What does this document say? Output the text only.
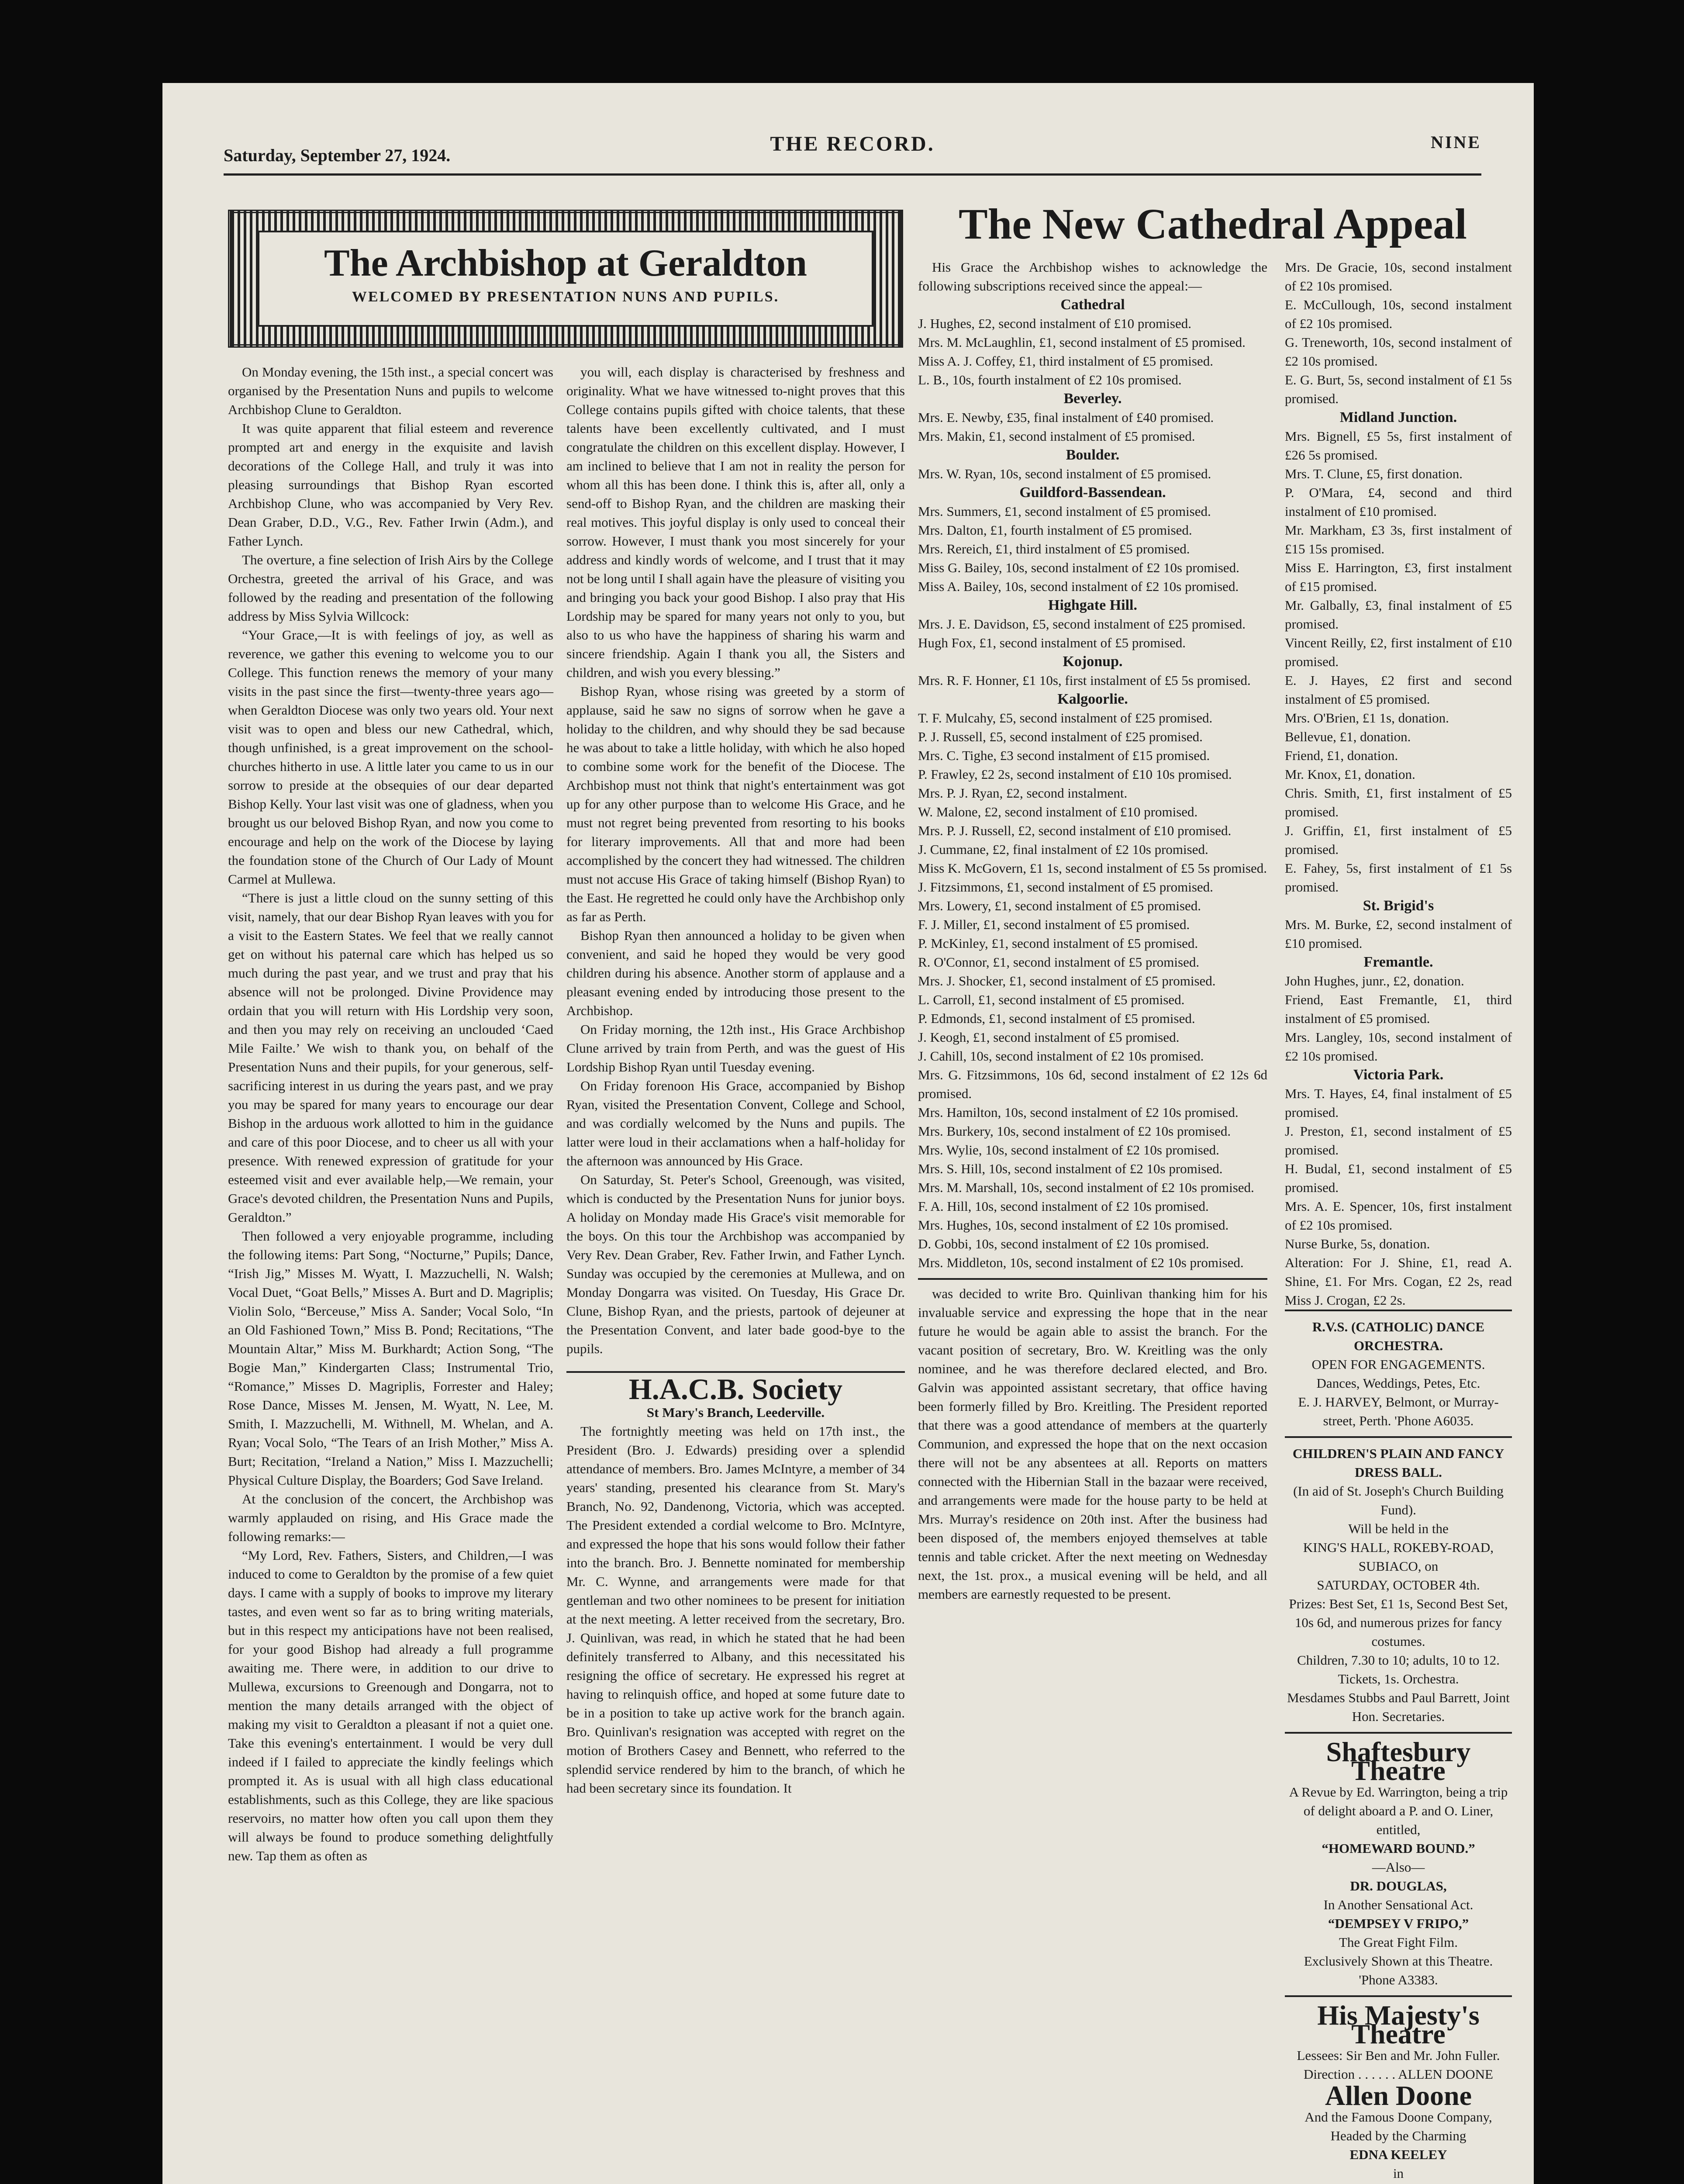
Saturday, September 27, 1924.	THE RECORD.	NINE
The Archbishop at Geraldton
WELCOMED BY PRESENTATION NUNS AND PUPILS.
The New Cathedral Appeal

On Monday evening, the 15th inst., a special concert was organised by the Presentation Nuns and pupils to welcome Archbishop Clune to Geraldton.

It was quite apparent that filial esteem and reverence prompted art and energy in the exquisite and lavish decorations of the College Hall, and truly it was into pleasing surroundings that Bishop Ryan escorted Archbishop Clune, who was accompanied by Very Rev. Dean Graber, D.D., V.G., Rev. Father Irwin (Adm.), and Father Lynch.

The overture, a fine selection of Irish Airs by the College Orchestra, greeted the arrival of his Grace, and was followed by the reading and presentation of the following address by Miss Sylvia Willcock:

“Your Grace,—It is with feelings of joy, as well as reverence, we gather this evening to welcome you to our College. This function renews the memory of your many visits in the past since the first—twenty-three years ago—when Geraldton Diocese was only two years old. Your next visit was to open and bless our new Cathedral, which, though unfinished, is a great improvement on the school-churches hitherto in use. A little later you came to us in our sorrow to preside at the obsequies of our dear departed Bishop Kelly. Your last visit was one of gladness, when you brought us our beloved Bishop Ryan, and now you come to encourage and help on the work of the Diocese by laying the foundation stone of the Church of Our Lady of Mount Carmel at Mullewa.

“There is just a little cloud on the sunny setting of this visit, namely, that our dear Bishop Ryan leaves with you for a visit to the Eastern States. We feel that we really cannot get on without his paternal care which has helped us so much during the past year, and we trust and pray that his absence will not be prolonged. Divine Providence may ordain that you will return with His Lordship very soon, and then you may rely on receiving an unclouded ‘Caed Mile Failte.’ We wish to thank you, on behalf of the Presentation Nuns and their pupils, for your generous, self-sacrificing interest in us during the years past, and we pray you may be spared for many years to encourage our dear Bishop in the arduous work allotted to him in the guidance and care of this poor Diocese, and to cheer us all with your presence. With renewed expression of gratitude for your esteemed visit and ever available help,—We remain, your Grace's devoted children, the Presentation Nuns and Pupils, Geraldton.”

Then followed a very enjoyable programme, including the following items: Part Song, “Nocturne,” Pupils; Dance, “Irish Jig,” Misses M. Wyatt, I. Mazzuchelli, N. Walsh; Vocal Duet, “Goat Bells,” Misses A. Burt and D. Magriplis; Violin Solo, “Berceuse,” Miss A. Sander; Vocal Solo, “In an Old Fashioned Town,” Miss B. Pond; Recitations, “The Mountain Altar,” Miss M. Burkhardt; Action Song, “The Bogie Man,” Kindergarten Class; Instrumental Trio, “Romance,” Misses D. Magriplis, Forrester and Haley; Rose Dance, Misses M. Jensen, M. Wyatt, N. Lee, M. Smith, I. Mazzuchelli, M. Withnell, M. Whelan, and A. Ryan; Vocal Solo, “The Tears of an Irish Mother,” Miss A. Burt; Recitation, “Ireland a Nation,” Miss I. Mazzuchelli; Physical Culture Display, the Boarders; God Save Ireland.

At the conclusion of the concert, the Archbishop was warmly applauded on rising, and His Grace made the following remarks:—

“My Lord, Rev. Fathers, Sisters, and Children,—I was induced to come to Geraldton by the promise of a few quiet days. I came with a supply of books to improve my literary tastes, and even went so far as to bring writing materials, but in this respect my anticipations have not been realised, for your good Bishop had already a full programme awaiting me. There were, in addition to our drive to Mullewa, excursions to Greenough and Dongarra, not to mention the many details arranged with the object of making my visit to Geraldton a pleasant if not a quiet one. Take this evening's entertainment. I would be very dull indeed if I failed to appreciate the kindly feelings which prompted it. As is usual with all high class educational establishments, such as this College, they are like spacious reservoirs, no matter how often you call upon them they will always be found to produce something delightfully new. Tap them as often as

you will, each display is characterised by freshness and originality. What we have witnessed to-night proves that this College contains pupils gifted with choice talents, that these talents have been excellently cultivated, and I must congratulate the children on this excellent display. However, I am inclined to believe that I am not in reality the person for whom all this has been done. I think this is, after all, only a send-off to Bishop Ryan, and the children are masking their real motives. This joyful display is only used to conceal their sorrow. However, I must thank you most sincerely for your address and kindly words of welcome, and I trust that it may not be long until I shall again have the pleasure of visiting you and bringing you back your good Bishop. I also pray that His Lordship may be spared for many years not only to you, but also to us who have the happiness of sharing his warm and sincere friendship. Again I thank you all, the Sisters and children, and wish you every blessing.”

Bishop Ryan, whose rising was greeted by a storm of applause, said he saw no signs of sorrow when he gave a holiday to the children, and why should they be sad because he was about to take a little holiday, with which he also hoped to combine some work for the benefit of the Diocese. The Archbishop must not think that night's entertainment was got up for any other purpose than to welcome His Grace, and he must not regret being prevented from resorting to his books for literary improvements. All that and more had been accomplished by the concert they had witnessed. The children must not accuse His Grace of taking himself (Bishop Ryan) to the East. He regretted he could only have the Archbishop only as far as Perth.

Bishop Ryan then announced a holiday to be given when convenient, and said he hoped they would be very good children during his absence. Another storm of applause and a pleasant evening ended by introducing those present to the Archbishop.

On Friday morning, the 12th inst., His Grace Archbishop Clune arrived by train from Perth, and was the guest of His Lordship Bishop Ryan until Tuesday evening.

On Friday forenoon His Grace, accompanied by Bishop Ryan, visited the Presentation Convent, College and School, and was cordially welcomed by the Nuns and pupils. The latter were loud in their acclamations when a half-holiday for the afternoon was announced by His Grace.

On Saturday, St. Peter's School, Greenough, was visited, which is conducted by the Presentation Nuns for junior boys. A holiday on Monday made His Grace's visit memorable for the boys. On this tour the Archbishop was accompanied by Very Rev. Dean Graber, Rev. Father Irwin, and Father Lynch. Sunday was occupied by the ceremonies at Mullewa, and on Monday Dongarra was visited. On Tuesday, His Grace Dr. Clune, Bishop Ryan, and the priests, partook of dejeuner at the Presentation Convent, and later bade good-bye to the pupils.

H.A.C.B. Society

St Mary's Branch, Leederville.

The fortnightly meeting was held on 17th inst., the President (Bro. J. Edwards) presiding over a splendid attendance of members. Bro. James McIntyre, a member of 34 years' standing, presented his clearance from St. Mary's Branch, No. 92, Dandenong, Victoria, which was accepted. The President extended a cordial welcome to Bro. McIntyre, and expressed the hope that his sons would follow their father into the branch. Bro. J. Bennette nominated for membership Mr. C. Wynne, and arrangements were made for that gentleman and two other nominees to be present for initiation at the next meeting. A letter received from the secretary, Bro. J. Quinlivan, was read, in which he stated that he had been definitely transferred to Albany, and this necessitated his resigning the office of secretary. He expressed his regret at having to relinquish office, and hoped at some future date to be in a position to take up active work for the branch again. Bro. Quinlivan's resignation was accepted with regret on the motion of Brothers Casey and Bennett, who referred to the splendid service rendered by him to the branch, of which he had been secretary since its foundation. It

His Grace the Archbishop wishes to acknowledge the following subscriptions received since the appeal:—

Cathedral

J. Hughes, £2, second instalment of £10 promised.

Mrs. M. McLaughlin, £1, second instalment of £5 promised.

Miss A. J. Coffey, £1, third instalment of £5 promised.

L. B., 10s, fourth instalment of £2 10s promised.

Beverley.

Mrs. E. Newby, £35, final instalment of £40 promised.

Mrs. Makin, £1, second instalment of £5 promised.

Boulder.

Mrs. W. Ryan, 10s, second instalment of £5 promised.

Guildford-Bassendean.

Mrs. Summers, £1, second instalment of £5 promised.

Mrs. Dalton, £1, fourth instalment of £5 promised.

Mrs. Rereich, £1, third instalment of £5 promised.

Miss G. Bailey, 10s, second instalment of £2 10s promised.

Miss A. Bailey, 10s, second instalment of £2 10s promised.

Highgate Hill.

Mrs. J. E. Davidson, £5, second instalment of £25 promised.

Hugh Fox, £1, second instalment of £5 promised.

Kojonup.

Mrs. R. F. Honner, £1 10s, first instalment of £5 5s promised.

Kalgoorlie.

T. F. Mulcahy, £5, second instalment of £25 promised.

P. J. Russell, £5, second instalment of £25 promised.

Mrs. C. Tighe, £3 second instalment of £15 promised.

P. Frawley, £2 2s, second instalment of £10 10s promised.

Mrs. P. J. Ryan, £2, second instalment.

W. Malone, £2, second instalment of £10 promised.

Mrs. P. J. Russell, £2, second instalment of £10 promised.

J. Cummane, £2, final instalment of £2 10s promised.

Miss K. McGovern, £1 1s, second instalment of £5 5s promised.

J. Fitzsimmons, £1, second instalment of £5 promised.

Mrs. Lowery, £1, second instalment of £5 promised.

F. J. Miller, £1, second instalment of £5 promised.

P. McKinley, £1, second instalment of £5 promised.

R. O'Connor, £1, second instalment of £5 promised.

Mrs. J. Shocker, £1, second instalment of £5 promised.

L. Carroll, £1, second instalment of £5 promised.

P. Edmonds, £1, second instalment of £5 promised.

J. Keogh, £1, second instalment of £5 promised.

J. Cahill, 10s, second instalment of £2 10s promised.

Mrs. G. Fitzsimmons, 10s 6d, second instalment of £2 12s 6d promised.

Mrs. Hamilton, 10s, second instalment of £2 10s promised.

Mrs. Burkery, 10s, second instalment of £2 10s promised.

Mrs. Wylie, 10s, second instalment of £2 10s promised.

Mrs. S. Hill, 10s, second instalment of £2 10s promised.

Mrs. M. Marshall, 10s, second instalment of £2 10s promised.

F. A. Hill, 10s, second instalment of £2 10s promised.

Mrs. Hughes, 10s, second instalment of £2 10s promised.

D. Gobbi, 10s, second instalment of £2 10s promised.

Mrs. Middleton, 10s, second instalment of £2 10s promised.

was decided to write Bro. Quinlivan thanking him for his invaluable service and expressing the hope that in the near future he would be again able to assist the branch. For the vacant position of secretary, Bro. W. Kreitling was the only nominee, and he was therefore declared elected, and Bro. Galvin was appointed assistant secretary, that office having been formerly filled by Bro. Kreitling. The President reported that there was a good attendance of members at the quarterly Communion, and expressed the hope that on the next occasion there will not be any absentees at all. Reports on matters connected with the Hibernian Stall in the bazaar were received, and arrangements were made for the house party to be held at Mrs. Murray's residence on 20th inst. After the business had been disposed of, the members enjoyed themselves at table tennis and table cricket. After the next meeting on Wednesday next, the 1st. prox., a musical evening will be held, and all members are earnestly requested to be present.

Mrs. De Gracie, 10s, second instalment of £2 10s promised.

E. McCullough, 10s, second instalment of £2 10s promised.

G. Treneworth, 10s, second instalment of £2 10s promised.

E. G. Burt, 5s, second instalment of £1 5s promised.

Midland Junction.

Mrs. Bignell, £5 5s, first instalment of £26 5s promised.

Mrs. T. Clune, £5, first donation.

P. O'Mara, £4, second and third instalment of £10 promised.

Mr. Markham, £3 3s, first instalment of £15 15s promised.

Miss E. Harrington, £3, first instalment of £15 promised.

Mr. Galbally, £3, final instalment of £5 promised.

Vincent Reilly, £2, first instalment of £10 promised.

E. J. Hayes, £2 first and second instalment of £5 promised.

Mrs. O'Brien, £1 1s, donation.

Bellevue, £1, donation.

Friend, £1, donation.

Mr. Knox, £1, donation.

Chris. Smith, £1, first instalment of £5 promised.

J. Griffin, £1, first instalment of £5 promised.

E. Fahey, 5s, first instalment of £1 5s promised.

St. Brigid's

Mrs. M. Burke, £2, second instalment of £10 promised.

Fremantle.

John Hughes, junr., £2, donation.

Friend, East Fremantle, £1, third instalment of £5 promised.

Mrs. Langley, 10s, second instalment of £2 10s promised.

Victoria Park.

Mrs. T. Hayes, £4, final instalment of £5 promised.

J. Preston, £1, second instalment of £5 promised.

H. Budal, £1, second instalment of £5 promised.

Mrs. A. E. Spencer, 10s, first instalment of £2 10s promised.

Nurse Burke, 5s, donation.

Alteration: For J. Shine, £1, read A. Shine, £1. For Mrs. Cogan, £2 2s, read Miss J. Crogan, £2 2s.

R.V.S. (CATHOLIC) DANCE ORCHESTRA.
OPEN FOR ENGAGEMENTS.
Dances, Weddings, Petes, Etc.
E. J. HARVEY, Belmont, or Murray-street, Perth. 'Phone A6035.
CHILDREN'S PLAIN AND FANCY DRESS BALL.
(In aid of St. Joseph's Church Building Fund).
Will be held in the
KING'S HALL, ROKEBY-ROAD, SUBIACO, on
SATURDAY, OCTOBER 4th.
Prizes: Best Set, £1 1s, Second Best Set, 10s 6d, and numerous prizes for fancy costumes.
Children, 7.30 to 10; adults, 10 to 12.
Tickets, 1s. Orchestra.
Mesdames Stubbs and Paul Barrett, Joint Hon. Secretaries.
Shaftesbury Theatre
A Revue by Ed. Warrington, being a trip of delight aboard a P. and O. Liner, entitled,
“HOMEWARD BOUND.”
—Also—
DR. DOUGLAS,
In Another Sensational Act.
“DEMPSEY V FRIPO,”
The Great Fight Film.
Exclusively Shown at this Theatre. 'Phone A3383.
His Majesty's Theatre
Lessees: Sir Ben and Mr. John Fuller.
Direction . . . . . . ALLEN DOONE
Allen Doone
And the Famous Doone Company, Headed by the Charming
EDNA KEELEY
in
